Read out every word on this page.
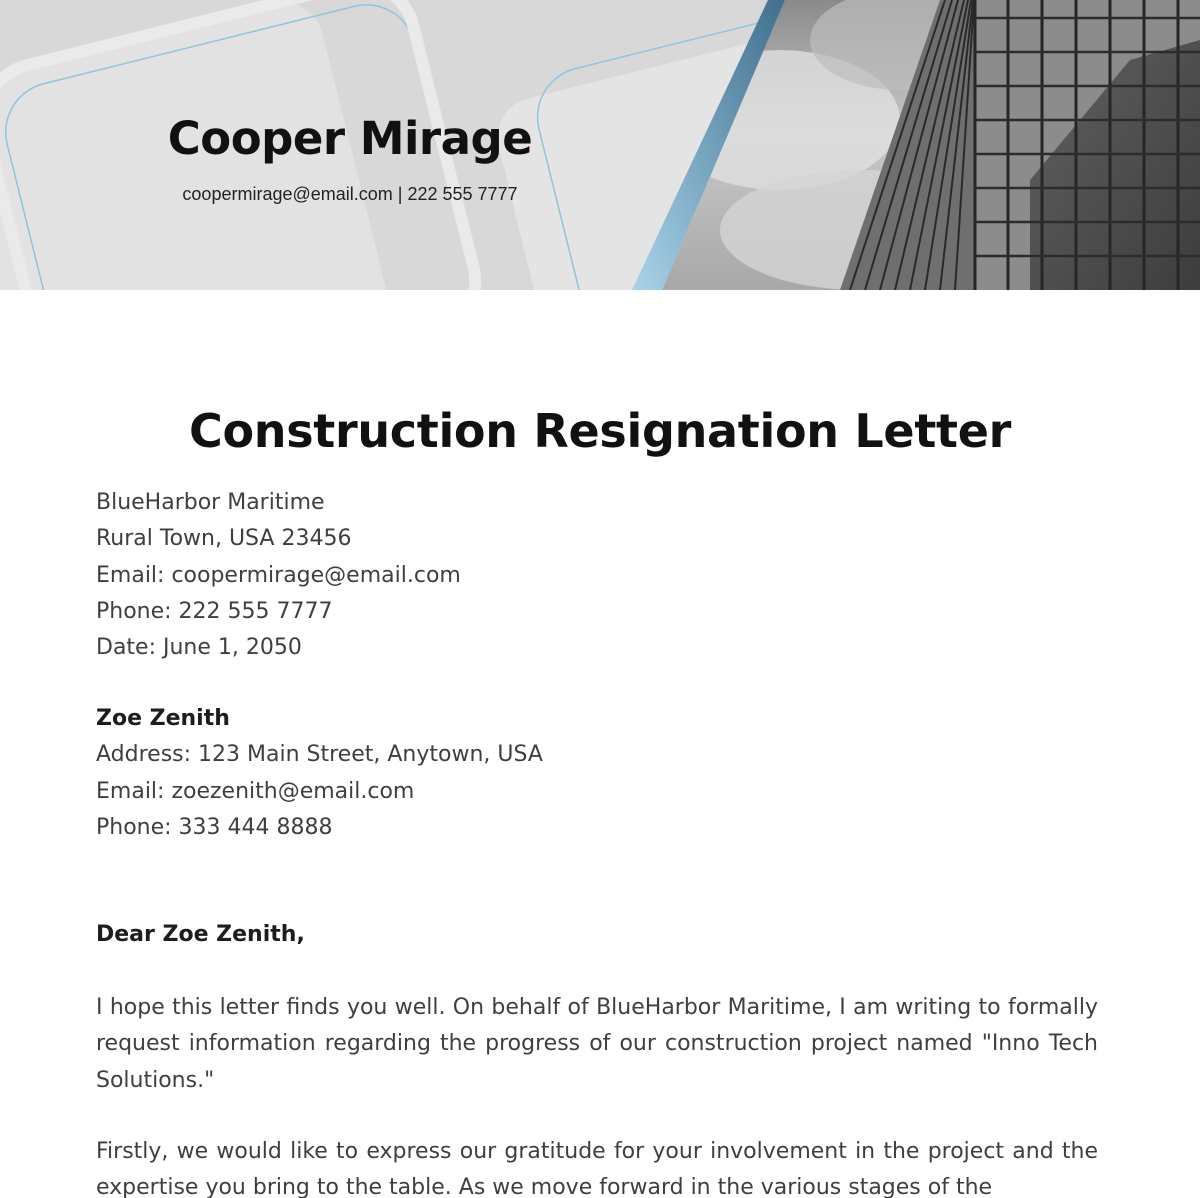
Cooper Mirage
coopermirage@email.com | 222 555 7777
Construction Resignation Letter
BlueHarbor Maritime
Rural Town, USA 23456
Email: coopermirage@email.com
Phone: 222 555 7777
Date: June 1, 2050
Zoe Zenith
Address: 123 Main Street, Anytown, USA
Email: zoezenith@email.com
Phone: 333 444 8888
Dear Zoe Zenith,

I hope this letter finds you well. On behalf of BlueHarbor Maritime, I am writing to formally request information regarding the progress of our construction project named "Inno Tech Solutions."

Firstly, we would like to express our gratitude for your involvement in the project and the expertise you bring to the table. As we move forward in the various stages of the
